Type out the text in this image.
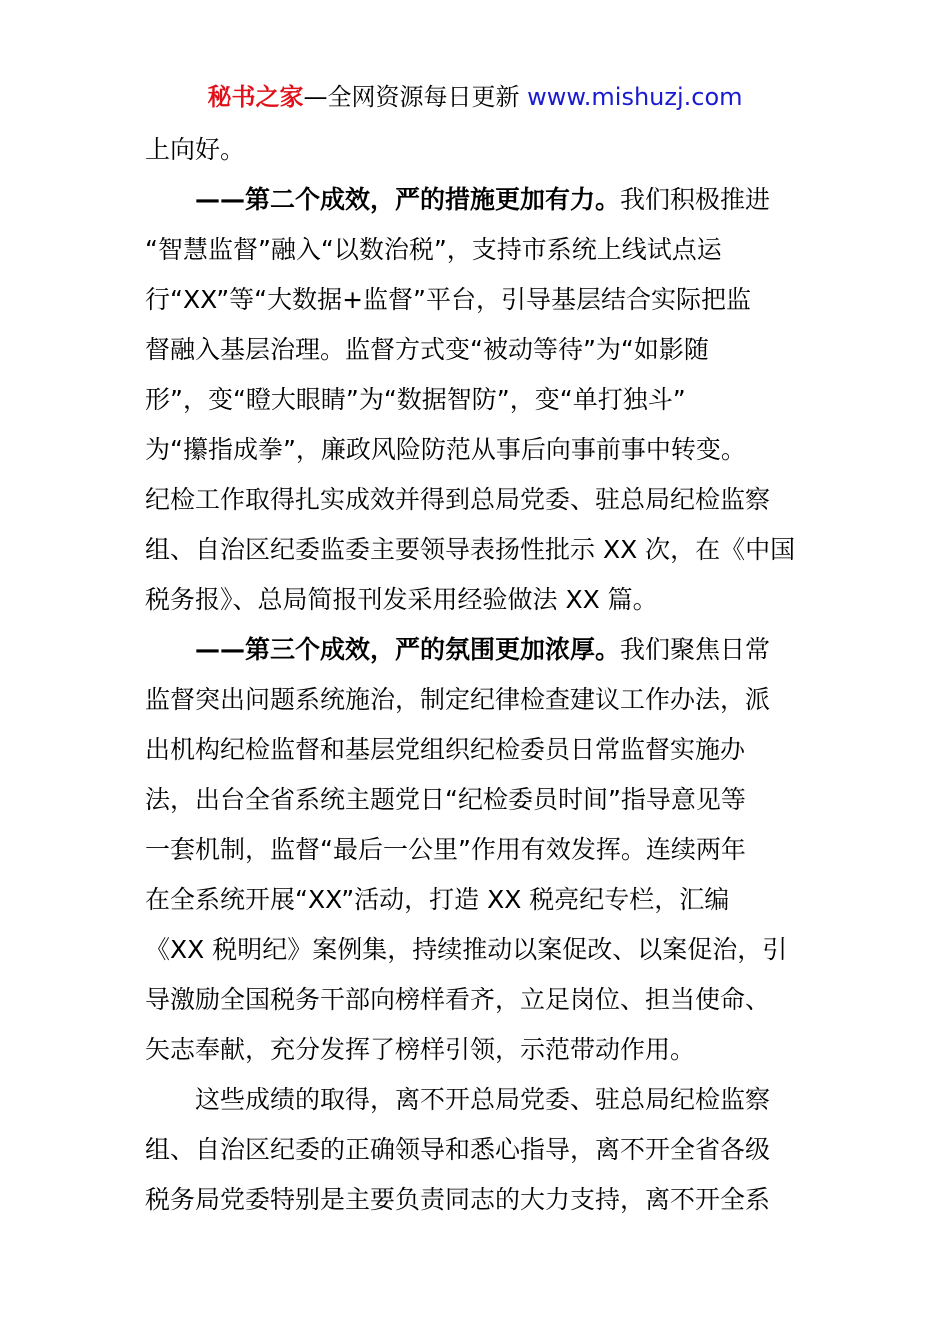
秘书之家—全网资源每日更新 www.mishuzj.com
上向好。
——第二个成效，严的措施更加有力。我们积极推进
“智慧监督”融入“以数治税”，支持市系统上线试点运
行“XX”等“大数据+监督”平台，引导基层结合实际把监
督融入基层治理。监督方式变“被动等待”为“如影随
形”，变“瞪大眼睛”为“数据智防”，变“单打独斗”
为“攥指成拳”，廉政风险防范从事后向事前事中转变。
纪检工作取得扎实成效并得到总局党委、驻总局纪检监察
组、自治区纪委监委主要领导表扬性批示 XX 次，在《中国
税务报》、总局简报刊发采用经验做法 XX 篇。
——第三个成效，严的氛围更加浓厚。我们聚焦日常
监督突出问题系统施治，制定纪律检查建议工作办法，派
出机构纪检监督和基层党组织纪检委员日常监督实施办
法，出台全省系统主题党日“纪检委员时间”指导意见等
一套机制，监督“最后一公里”作用有效发挥。连续两年
在全系统开展“XX”活动，打造 XX 税亮纪专栏，汇编
《XX 税明纪》案例集，持续推动以案促改、以案促治，引
导激励全国税务干部向榜样看齐，立足岗位、担当使命、
矢志奉献，充分发挥了榜样引领，示范带动作用。
这些成绩的取得，离不开总局党委、驻总局纪检监察
组、自治区纪委的正确领导和悉心指导，离不开全省各级
税务局党委特别是主要负责同志的大力支持，离不开全系
